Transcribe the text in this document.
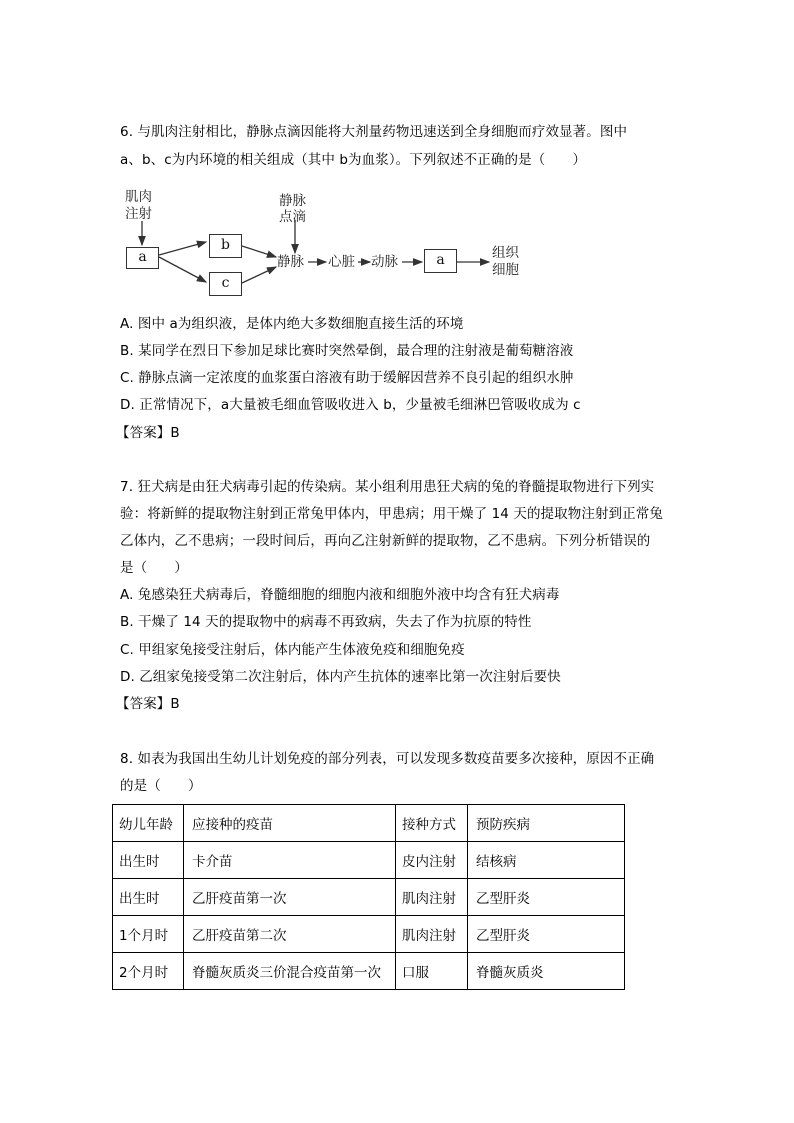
6. 与肌肉注射相比，静脉点滴因能将大剂量药物迅速送到全身细胞而疗效显著。图中
a、b、c为内环境的相关组成（其中 b为血浆）。下列叙述不正确的是（　　）
肌肉
注射
静脉
点滴
a
b
c
静脉 心脏 动脉	a	组织
细胞
A. 图中 a为组织液，是体内绝大多数细胞直接生活的环境
B. 某同学在烈日下参加足球比赛时突然晕倒，最合理的注射液是葡萄糖溶液
C. 静脉点滴一定浓度的血浆蛋白溶液有助于缓解因营养不良引起的组织水肿
D. 正常情况下，a大量被毛细血管吸收进入 b，少量被毛细淋巴管吸收成为 c
【答案】B
7. 狂犬病是由狂犬病毒引起的传染病。某小组利用患狂犬病的兔的脊髓提取物进行下列实
验：将新鲜的提取物注射到正常兔甲体内，甲患病；用干燥了 14 天的提取物注射到正常兔
乙体内，乙不患病；一段时间后，再向乙注射新鲜的提取物，乙不患病。下列分析错误的
是（　　）
A. 兔感染狂犬病毒后，脊髓细胞的细胞内液和细胞外液中均含有狂犬病毒
B. 干燥了 14 天的提取物中的病毒不再致病，失去了作为抗原的特性
C. 甲组家兔接受注射后，体内能产生体液免疫和细胞免疫
D. 乙组家兔接受第二次注射后，体内产生抗体的速率比第一次注射后要快
【答案】B
8. 如表为我国出生幼儿计划免疫的部分列表，可以发现多数疫苗要多次接种，原因不正确
的是（　　）
幼儿年龄	应接种的疫苗	接种方式	预防疾病
出生时	卡介苗	皮内注射	结核病
出生时	乙肝疫苗第一次	肌肉注射	乙型肝炎
1个月时	乙肝疫苗第二次	肌肉注射	乙型肝炎
2个月时	脊髓灰质炎三价混合疫苗第一次	口服	脊髓灰质炎
